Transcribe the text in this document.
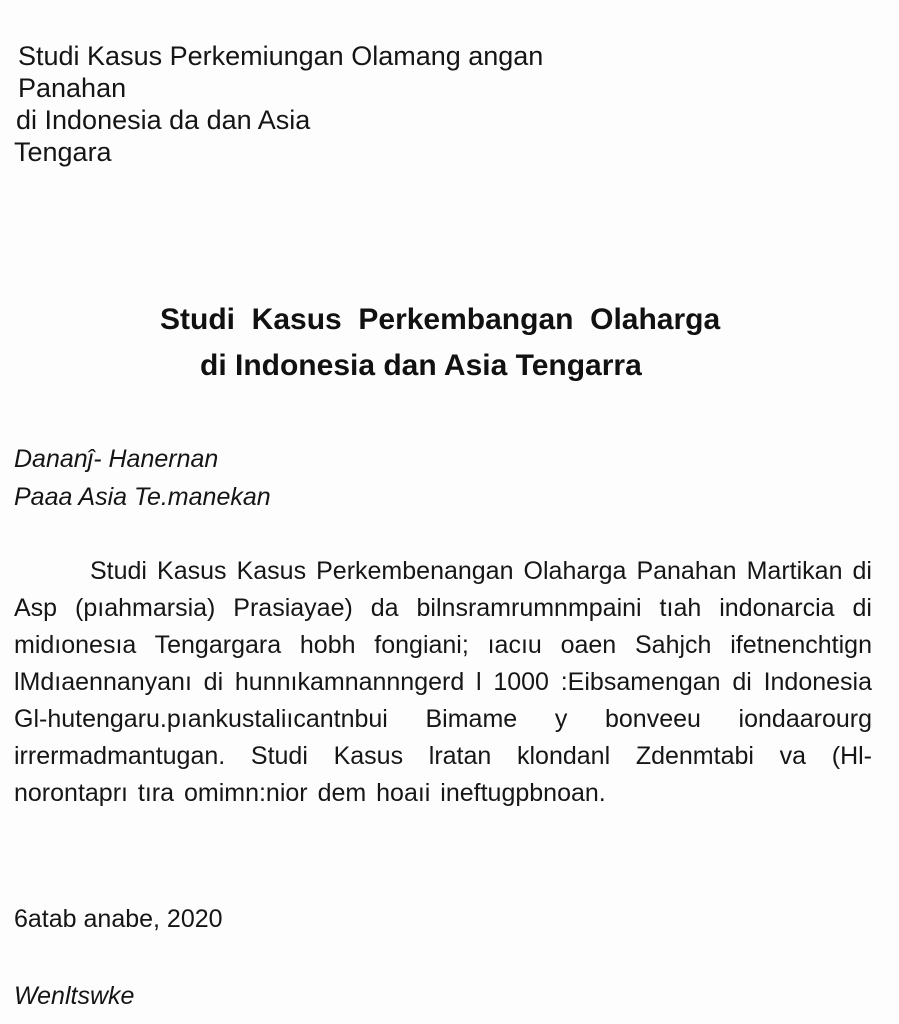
Studi Kasus Perkemiungan Olamang angan
Panahan
di Indonesia da dan Asia
Tengara
Studi  Kasus  Perkembangan  Olaharga
di Indonesia dan Asia Tengarra
Dananĵ- Hanernan
Paaa Asia Te.manekan

Studi Kasus Kasus Perkembenangan Olaharga Panahan Martikan di Asp (pıahmarsia) Prasiayae) da bilnsramrumnmpaini tıah indonarcia di midıonesıa Tengargara hobh fongiani; ıacıu oaen Sahjch ifetnenchtign lMdıaennanyanı di hunnıkamnannngerd l 1000 :Eibsamengan di Indonesia Gl-hutengaru.pıankustaliıcantnbui Bimame y bonveeu iondaarourg irrermadmantugan. Studi Kasus lratan klondanl Zdenmtabi va (Hl-norontaprı tıra omimn:nior dem hoaıi ineftugpbnoan.

6atab anabe, 2020
Wenltswke
